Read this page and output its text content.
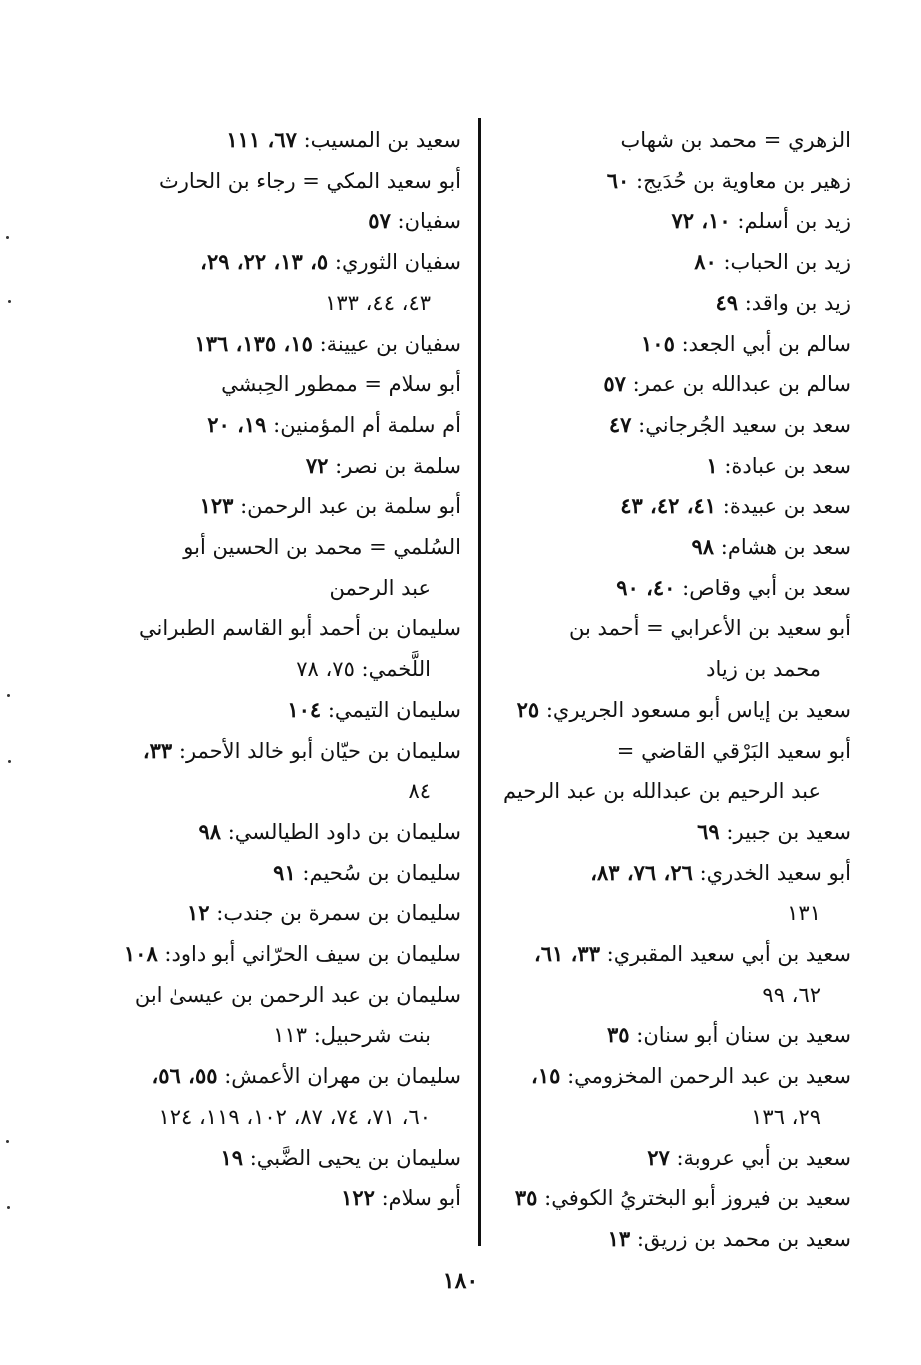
الزهري = محمد بن شهاب
زهير بن معاوية بن حُدَيج: ٦٠
زيد بن أسلم: ١٠، ٧٢
زيد بن الحباب: ٨٠
زيد بن واقد: ٤٩
سالم بن أبي الجعد: ١٠٥
سالم بن عبدالله بن عمر: ٥٧
سعد بن سعيد الجُرجاني: ٤٧
سعد بن عبادة: ١
سعد بن عبيدة: ٤١، ٤٢، ٤٣
سعد بن هشام: ٩٨
سعد بن أبي وقاص: ٤٠، ٩٠
أبو سعيد بن الأعرابي = أحمد بن
محمد بن زياد
سعيد بن إياس أبو مسعود الجريري: ٢٥
أبو سعيد البَرْقي القاضي =
عبد الرحيم بن عبدالله بن عبد الرحيم
سعيد بن جبير: ٦٩
أبو سعيد الخدري: ٢٦، ٧٦، ٨٣،
١٣١
سعيد بن أبي سعيد المقبري: ٣٣، ٦١،
٦٢، ٩٩
سعيد بن سنان أبو سنان: ٣٥
سعيد بن عبد الرحمن المخزومي: ١٥،
٢٩، ١٣٦
سعيد بن أبي عروبة: ٢٧
سعيد بن فيروز أبو البختريُ الكوفي: ٣٥
سعيد بن محمد بن زريق: ١٣
سعيد بن المسيب: ٦٧، ١١١
أبو سعيد المكي = رجاء بن الحارث
سفيان: ٥٧
سفيان الثوري: ٥، ١٣، ٢٢، ٢٩،
٤٣، ٤٤، ١٣٣
سفيان بن عيينة: ١٥، ١٣٥، ١٣٦
أبو سلام = ممطور الحِبشي
أم سلمة أم المؤمنين: ١٩، ٢٠
سلمة بن نصر: ٧٢
أبو سلمة بن عبد الرحمن: ١٢٣
السُلمي = محمد بن الحسين أبو
عبد الرحمن
سليمان بن أحمد أبو القاسم الطبراني
اللَّخمي: ٧٥، ٧٨
سليمان التيمي: ١٠٤
سليمان بن حيّان أبو خالد الأحمر: ٣٣،
٨٤
سليمان بن داود الطيالسي: ٩٨
سليمان بن سُحيم: ٩١
سليمان بن سمرة بن جندب: ١٢
سليمان بن سيف الحرّاني أبو داود: ١٠٨
سليمان بن عبد الرحمن بن عيسىٰ ابن
بنت شرحبيل: ١١٣
سليمان بن مهران الأعمش: ٥٥، ٥٦،
٦٠، ٧١، ٧٤، ٨٧، ١٠٢، ١١٩، ١٢٤
سليمان بن يحيى الضَّبي: ١٩
أبو سلام: ١٢٢
١٨٠
